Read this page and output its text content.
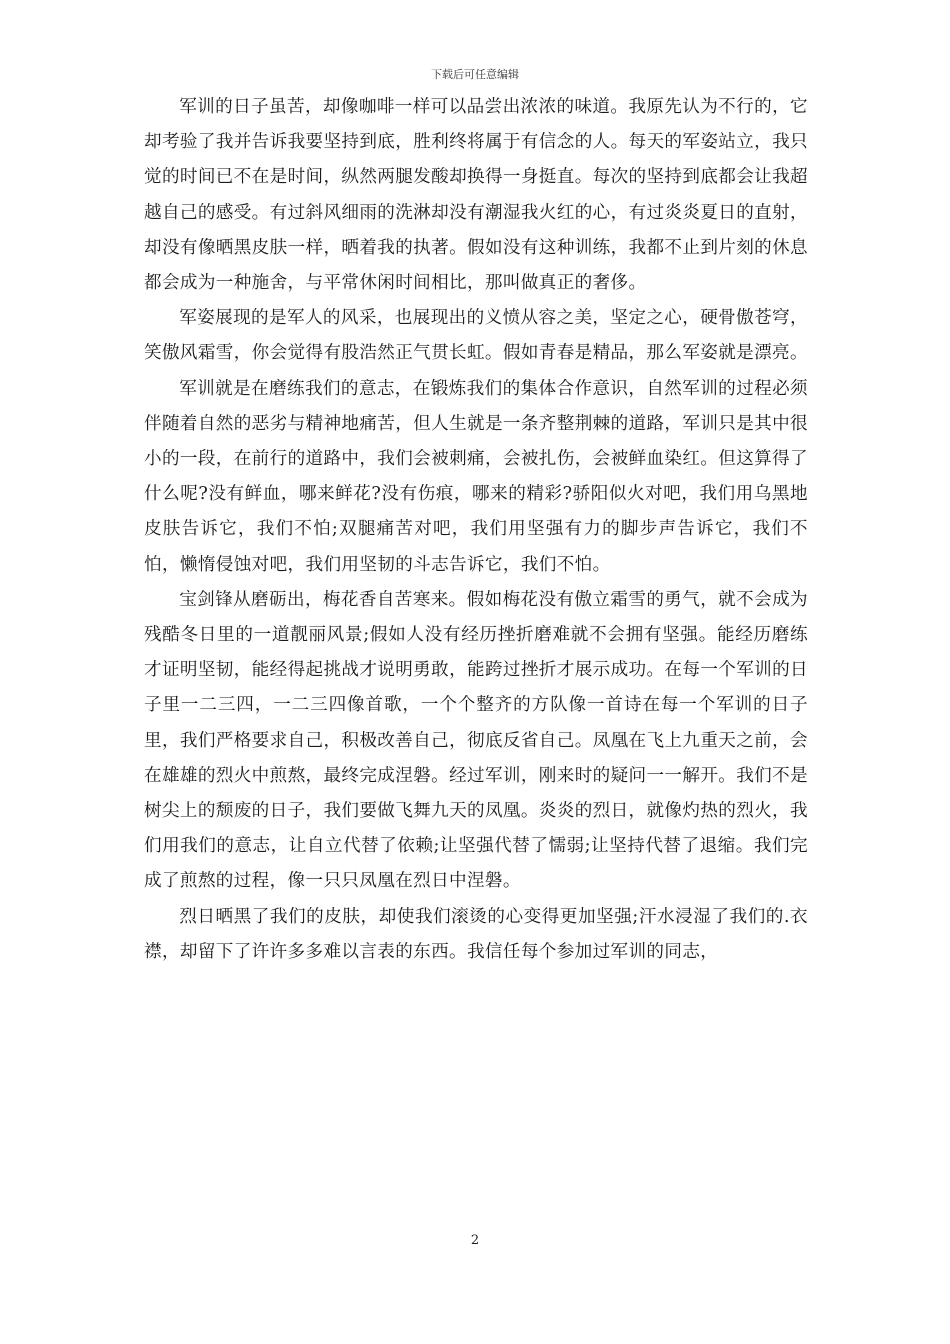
下载后可任意编辑

军训的日子虽苦，却像咖啡一样可以品尝出浓浓的味道。我原先认为不行的，它却考验了我并告诉我要坚持到底，胜利终将属于有信念的人。每天的军姿站立，我只觉的时间已不在是时间，纵然两腿发酸却换得一身挺直。每次的坚持到底都会让我超越自己的感受。有过斜风细雨的洗淋却没有潮湿我火红的心，有过炎炎夏日的直射，却没有像晒黑皮肤一样，晒着我的执著。假如没有这种训练，我都不止到片刻的休息都会成为一种施舍，与平常休闲时间相比，那叫做真正的奢侈。

军姿展现的是军人的风采，也展现出的义愤从容之美，坚定之心，硬骨傲苍穹，笑傲风霜雪，你会觉得有股浩然正气贯长虹。假如青春是精品，那么军姿就是漂亮。

军训就是在磨练我们的意志，在锻炼我们的集体合作意识，自然军训的过程必须伴随着自然的恶劣与精神地痛苦，但人生就是一条齐整荆棘的道路，军训只是其中很小的一段，在前行的道路中，我们会被刺痛，会被扎伤，会被鲜血染红。但这算得了什么呢?没有鲜血，哪来鲜花?没有伤痕，哪来的精彩?骄阳似火对吧，我们用乌黑地皮肤告诉它，我们不怕;双腿痛苦对吧，我们用坚强有力的脚步声告诉它，我们不怕，懒惰侵蚀对吧，我们用坚韧的斗志告诉它，我们不怕。

宝剑锋从磨砺出，梅花香自苦寒来。假如梅花没有傲立霜雪的勇气，就不会成为残酷冬日里的一道靓丽风景;假如人没有经历挫折磨难就不会拥有坚强。能经历磨练才证明坚韧，能经得起挑战才说明勇敢，能跨过挫折才展示成功。在每一个军训的日子里一二三四，一二三四像首歌，一个个整齐的方队像一首诗在每一个军训的日子里，我们严格要求自己，积极改善自己，彻底反省自己。凤凰在飞上九重天之前，会在雄雄的烈火中煎熬，最终完成涅磐。经过军训，刚来时的疑问一一解开。我们不是树尖上的颓废的日子，我们要做飞舞九天的凤凰。炎炎的烈日，就像灼热的烈火，我们用我们的意志，让自立代替了依赖;让坚强代替了懦弱;让坚持代替了退缩。我们完成了煎熬的过程，像一只只凤凰在烈日中涅磐。

烈日晒黑了我们的皮肤，却使我们滚烫的心变得更加坚强;汗水浸湿了我们的.衣襟，却留下了许许多多难以言表的东西。我信任每个参加过军训的同志，

2
